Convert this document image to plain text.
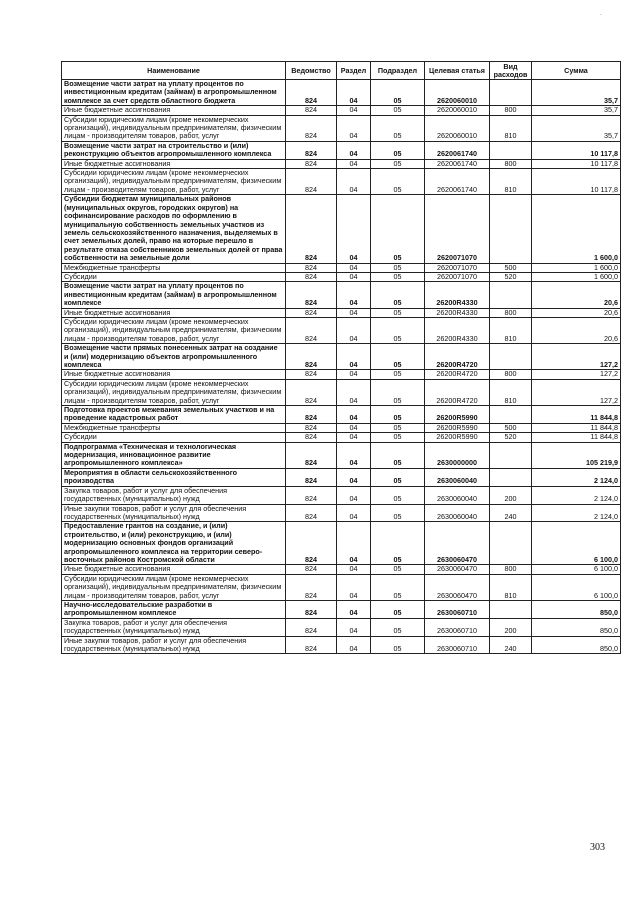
.
Наименование	Ведомство	Раздел	Подраздел	Целевая статья	Вид расходов	Сумма
Возмещение части затрат на уплату процентов по инвестиционным кредитам (займам) в агропромышленном комплексе за счет средств областного бюджета	824	04	05	2620060010		35,7
Иные бюджетные ассигнования	824	04	05	2620060010	800	35,7
Субсидии юридическим лицам (кроме некоммерческих организаций), индивидуальным предпринимателям, физическим лицам - производителям товаров, работ, услуг	824	04	05	2620060010	810	35,7
Возмещение части затрат на строительство и (или) реконструкцию объектов агропромышленного комплекса	824	04	05	2620061740		10 117,8
Иные бюджетные ассигнования	824	04	05	2620061740	800	10 117,8
Субсидии юридическим лицам (кроме некоммерческих организаций), индивидуальным предпринимателям, физическим лицам - производителям товаров, работ, услуг	824	04	05	2620061740	810	10 117,8
Субсидии бюджетам муниципальных районов (муниципальных округов, городских округов) на софинансирование расходов по оформлению в муниципальную собственность земельных участков из земель сельскохозяйственного назначения, выделяемых в счет земельных долей, право на которые перешло в результате отказа собственников земельных долей от права собственности на земельные доли	824	04	05	2620071070		1 600,0
Межбюджетные трансферты	824	04	05	2620071070	500	1 600,0
Субсидии	824	04	05	2620071070	520	1 600,0
Возмещение части затрат на уплату процентов по инвестиционным кредитам (займам) в агропромышленном комплексе	824	04	05	26200R4330		20,6
Иные бюджетные ассигнования	824	04	05	26200R4330	800	20,6
Субсидии юридическим лицам (кроме некоммерческих организаций), индивидуальным предпринимателям, физическим лицам - производителям товаров, работ, услуг	824	04	05	26200R4330	810	20,6
Возмещение части прямых понесенных затрат на создание и (или) модернизацию объектов агропромышленного комплекса	824	04	05	26200R4720		127,2
Иные бюджетные ассигнования	824	04	05	26200R4720	800	127,2
Субсидии юридическим лицам (кроме некоммерческих организаций), индивидуальным предпринимателям, физическим лицам - производителям товаров, работ, услуг	824	04	05	26200R4720	810	127,2
Подготовка проектов межевания земельных участков и на проведение кадастровых работ	824	04	05	26200R5990		11 844,8
Межбюджетные трансферты	824	04	05	26200R5990	500	11 844,8
Субсидии	824	04	05	26200R5990	520	11 844,8
Подпрограмма «Техническая и технологическая модернизация, инновационное развитие агропромышленного комплекса»	824	04	05	2630000000		105 219,9
Мероприятия в области сельскохозяйственного производства	824	04	05	2630060040		2 124,0
Закупка товаров, работ и услуг для обеспечения государственных (муниципальных) нужд	824	04	05	2630060040	200	2 124,0
Иные закупки товаров, работ и услуг для обеспечения государственных (муниципальных) нужд	824	04	05	2630060040	240	2 124,0
Предоставление грантов на создание, и (или) строительство, и (или) реконструкцию, и (или) модернизацию основных фондов организаций агропромышленного комплекса на территории северо-восточных районов Костромской области	824	04	05	2630060470		6 100,0
Иные бюджетные ассигнования	824	04	05	2630060470	800	6 100,0
Субсидии юридическим лицам (кроме некоммерческих организаций), индивидуальным предпринимателям, физическим лицам - производителям товаров, работ, услуг	824	04	05	2630060470	810	6 100,0
Научно-исследовательские разработки в агропромышленном комплексе	824	04	05	2630060710		850,0
Закупка товаров, работ и услуг для обеспечения государственных (муниципальных) нужд	824	04	05	2630060710	200	850,0
Иные закупки товаров, работ и услуг для обеспечения государственных (муниципальных) нужд	824	04	05	2630060710	240	850,0
303
